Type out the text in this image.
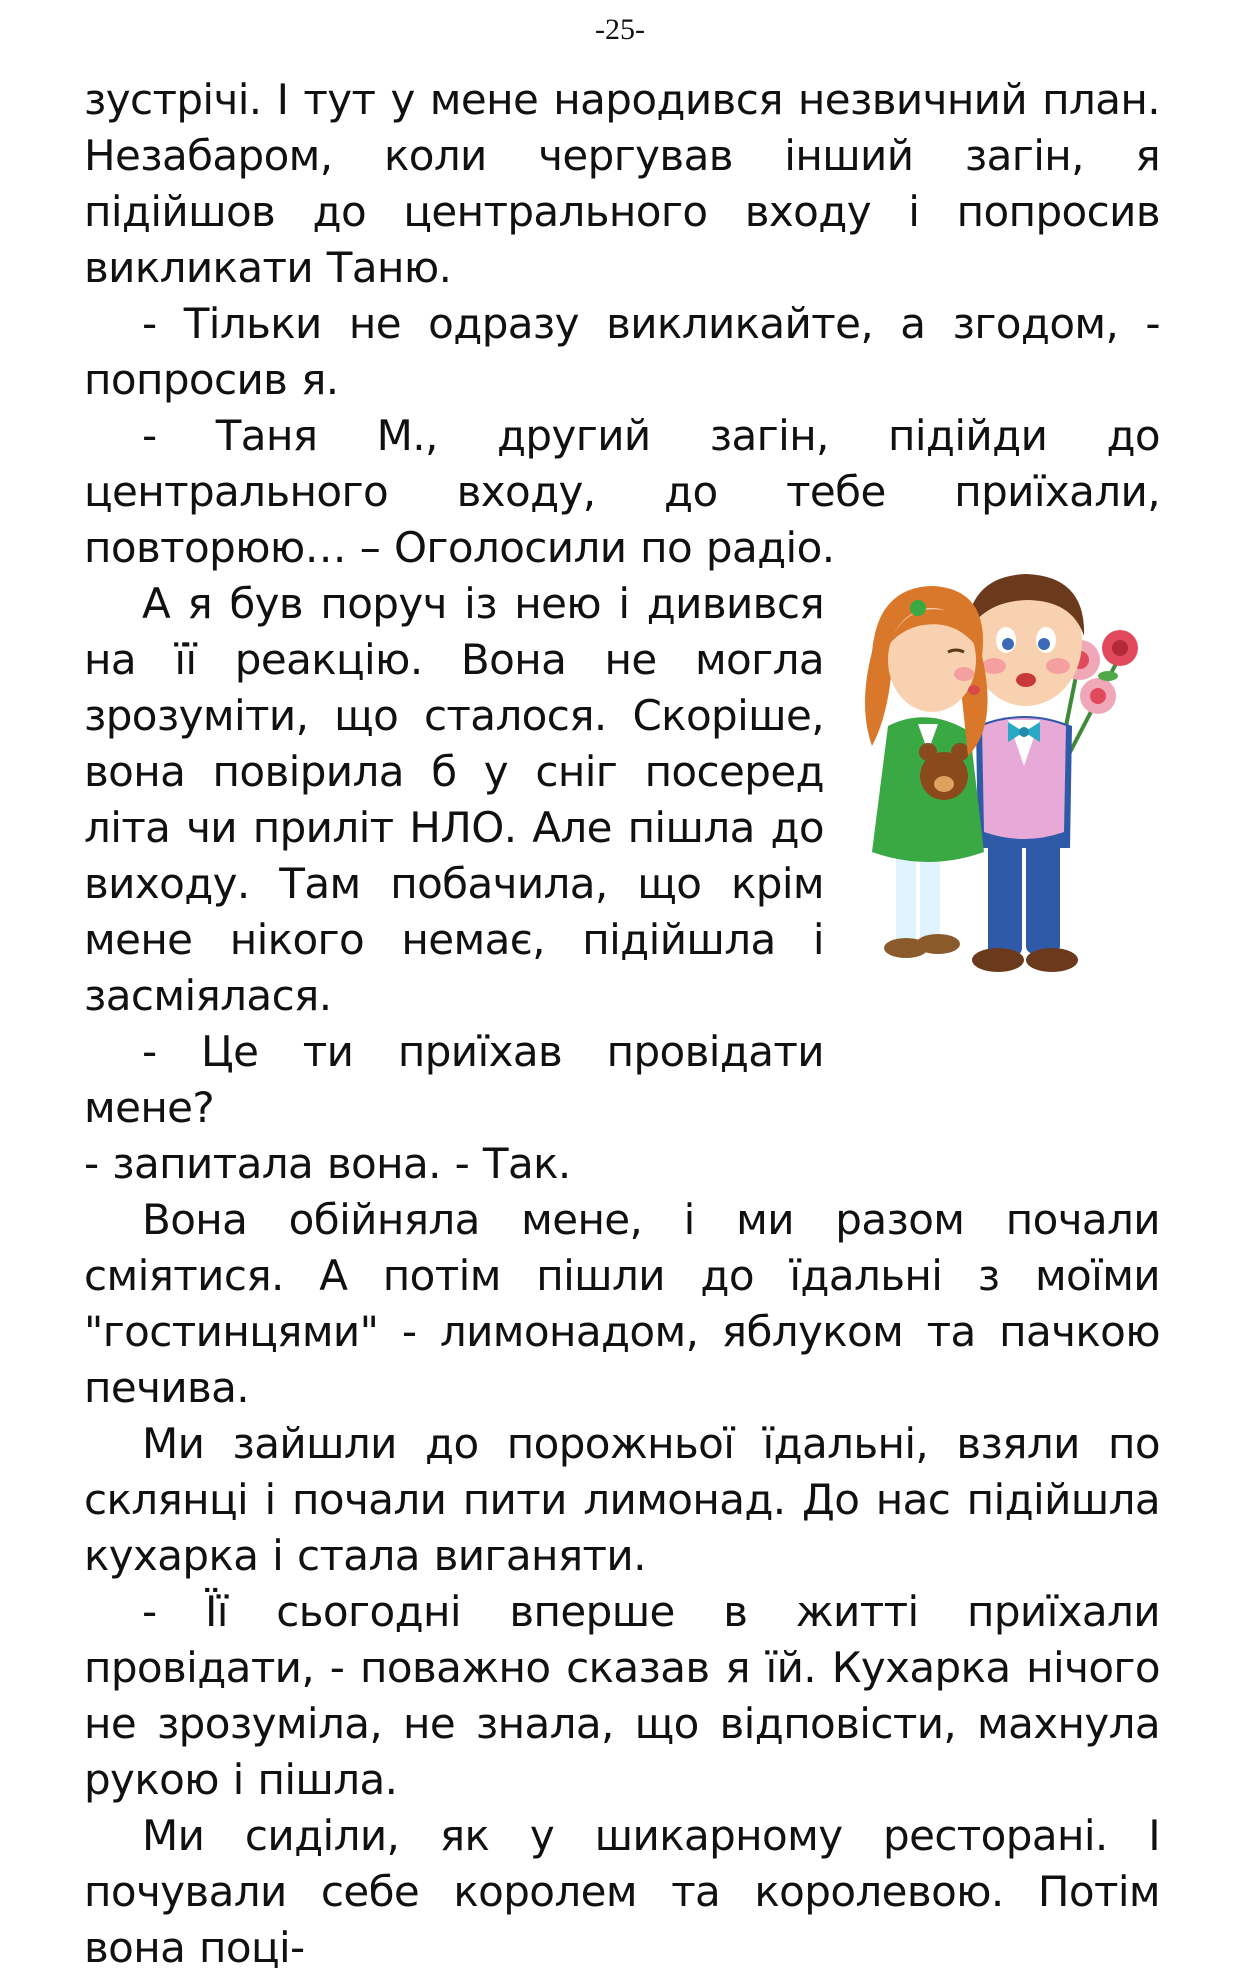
-25-

зустрічі. І тут у мене народився незвичний план. Незабаром, коли чергував інший загін, я підійшов до центрального входу і попросив викликати Таню.

- Тільки не одразу викликайте, а згодом, - попросив я.

- Таня М., другий загін, підійди до центрального входу, до тебе приїхали, повторюю… – Оголосили по радіо.

А я був поруч із нею і дивився на її реакцію. Вона не могла зрозуміти, що сталося. Скоріше, вона повірила б у сніг посеред літа чи приліт НЛО. Але пішла до виходу. Там побачила, що крім мене нікого немає, підійшла і засміялася.

- Це ти приїхав провідати мене?

- запитала вона. - Так.

Вона обійняла мене, і ми разом почали сміятися. А потім пішли до їдальні з моїми "гостинцями" - лимонадом, яблуком та пачкою печива.

Ми зайшли до порожньої їдальні, взяли по склянці і почали пити лимонад. До нас підійшла кухарка і стала виганяти.

- Її сьогодні вперше в житті приїхали провідати, - поважно сказав я їй. Кухарка нічого не зрозуміла, не знала, що відповісти, махнула рукою і пішла.

Ми сиділи, як у шикарному ресторані. І почували себе королем та королевою. Потім вона поці-
